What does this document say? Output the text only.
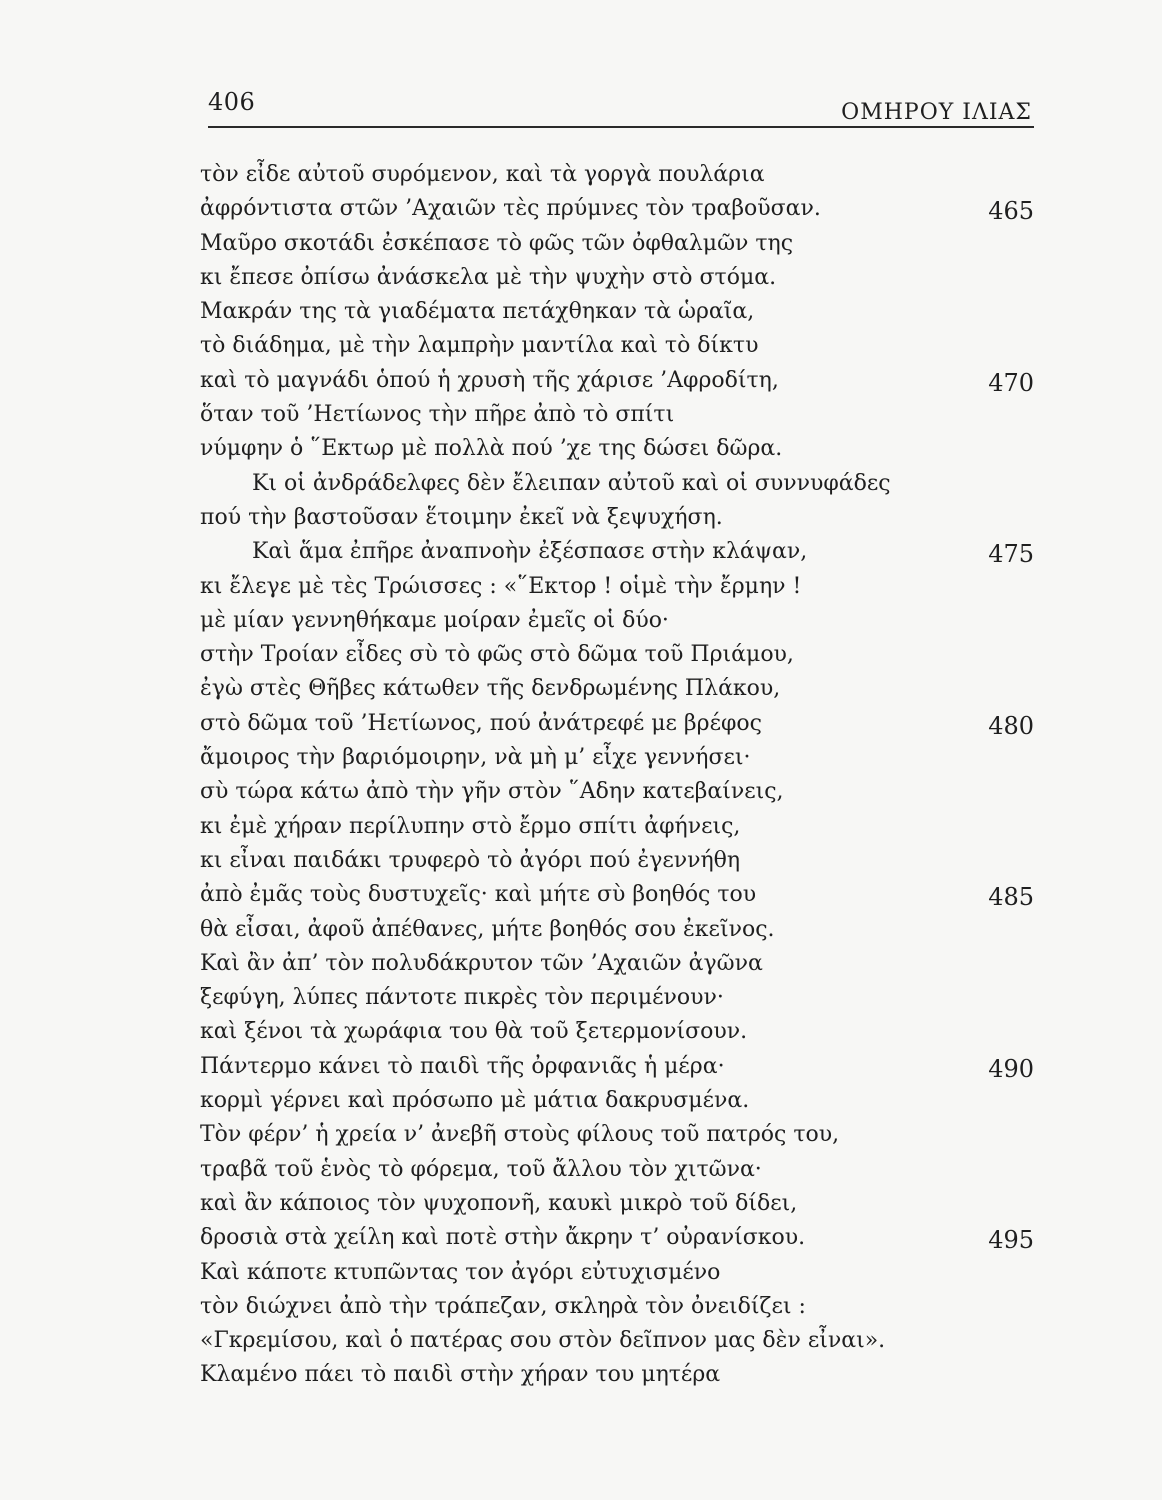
406	ΟΜΗΡΟΥ ΙΛΙΑΣ
τὸν εἶδε αὐτοῦ συρόμενον, καὶ τὰ γοργὰ πουλάρια
ἀφρόντιστα στῶν ’Αχαιῶν τὲς πρύμνες τὸν τραβοῦσαν.	465
Μαῦρο σκοτάδι ἐσκέπασε τὸ φῶς τῶν ὀφθαλμῶν της
κι ἔπεσε ὀπίσω ἀνάσκελα μὲ τὴν ψυχὴν στὸ στόμα.
Μακράν της τὰ γιαδέματα πετάχθηκαν τὰ ὡραῖα,
τὸ διάδημα, μὲ τὴν λαμπρὴν μαντίλα καὶ τὸ δίκτυ
καὶ τὸ μαγνάδι ὁπού ἡ χρυσὴ τῆς χάρισε ’Αφροδίτη,	470
ὅταν τοῦ ’Ηετίωνος τὴν πῆρε ἀπὸ τὸ σπίτι
νύμφην ὁ ῞Εκτωρ μὲ πολλὰ πού ’χε της δώσει δῶρα.
Κι οἱ ἀνδράδελφες δὲν ἔλειπαν αὐτοῦ καὶ οἱ συννυφάδες
πού τὴν βαστοῦσαν ἕτοιμην ἐκεῖ νὰ ξεψυχήση.
Καὶ ἅμα ἐπῆρε ἀναπνοὴν ἐξέσπασε στὴν κλάψαν,	475
κι ἔλεγε μὲ τὲς Τρώισσες : «῞Εκτορ ! οἱμὲ τὴν ἔρμην !
μὲ μίαν γεννηθήκαμε μοίραν ἐμεῖς οἱ δύο·
στὴν Τροίαν εἶδες σὺ τὸ φῶς στὸ δῶμα τοῦ Πριάμου,
ἐγὼ στὲς Θῆβες κάτωθεν τῆς δενδρωμένης Πλάκου,
στὸ δῶμα τοῦ ’Ηετίωνος, πού ἀνάτρεφέ με βρέφος	480
ἄμοιρος τὴν βαριόμοιρην, νὰ μὴ μ’ εἶχε γεννήσει·
σὺ τώρα κάτω ἀπὸ τὴν γῆν στὸν ῞Αδην κατεβαίνεις,
κι ἐμὲ χήραν περίλυπην στὸ ἔρμο σπίτι ἀφήνεις,
κι εἶναι παιδάκι τρυφερὸ τὸ ἀγόρι πού ἐγεννήθη
ἀπὸ ἐμᾶς τοὺς δυστυχεῖς· καὶ μήτε σὺ βοηθός του	485
θὰ εἶσαι, ἀφοῦ ἀπέθανες, μήτε βοηθός σου ἐκεῖνος.
Καὶ ἂν ἀπ’ τὸν πολυδάκρυτον τῶν ’Αχαιῶν ἀγῶνα
ξεφύγη, λύπες πάντοτε πικρὲς τὸν περιμένουν·
καὶ ξένοι τὰ χωράφια του θὰ τοῦ ξετερμονίσουν.
Πάντερμο κάνει τὸ παιδὶ τῆς ὀρφανιᾶς ἡ μέρα·	490
κορμὶ γέρνει καὶ πρόσωπο μὲ μάτια δακρυσμένα.
Τὸν φέρν’ ἡ χρεία ν’ ἀνεβῆ στοὺς φίλους τοῦ πατρός του,
τραβᾶ τοῦ ἑνὸς τὸ φόρεμα, τοῦ ἄλλου τὸν χιτῶνα·
καὶ ἂν κάποιος τὸν ψυχοπονῆ, καυκὶ μικρὸ τοῦ δίδει,
δροσιὰ στὰ χείλη καὶ ποτὲ στὴν ἄκρην τ’ οὐρανίσκου.	495
Καὶ κάποτε κτυπῶντας τον ἀγόρι εὐτυχισμένο
τὸν διώχνει ἀπὸ τὴν τράπεζαν, σκληρὰ τὸν ὀνειδίζει :
«Γκρεμίσου, καὶ ὁ πατέρας σου στὸν δεῖπνον μας δὲν εἶναι».
Κλαμένο πάει τὸ παιδὶ στὴν χήραν του μητέρα
